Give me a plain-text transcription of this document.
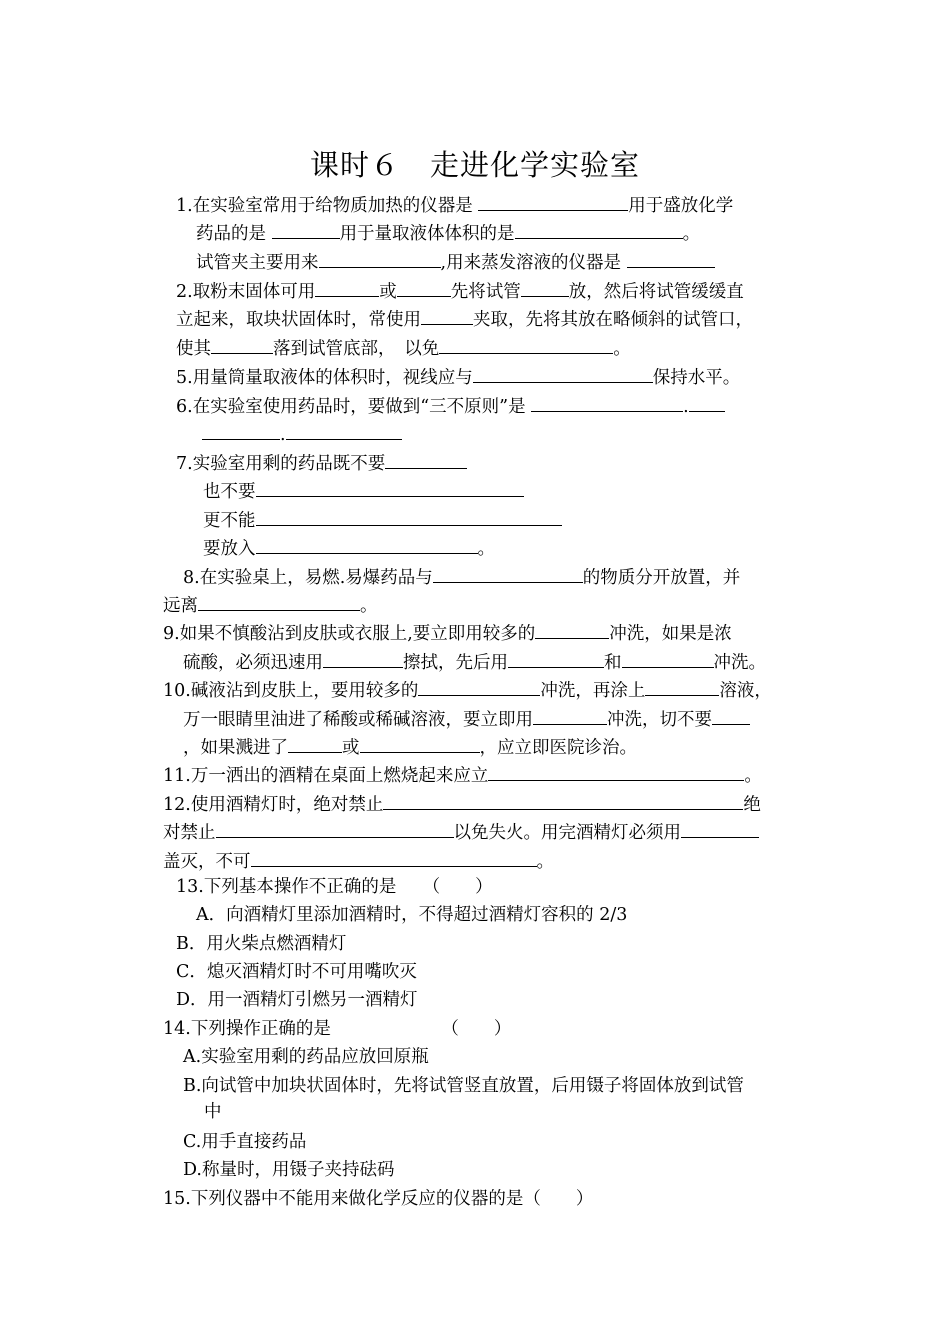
课时６　走进化学实验室
1.在实验室常用于给物质加热的仪器是	用于盛放化学
药品的是	用于量取液体体积的是	。
试管夹主要用来	,用来蒸发溶液的仪器是
2.取粉末固体可用	或	先将试管	放，然后将试管缓缓直
立起来，取块状固体时，常使用	夹取，先将其放在略倾斜的试管口，
使其	落到试管底部，　以免	。
5.用量筒量取液体的体积时，视线应与	保持水平。
6.在实验室使用药品时，要做到“三不原则”是	.
.
7.实验室用剩的药品既不要
也不要
更不能
要放入	。
8.在实验桌上，易燃.易爆药品与	的物质分开放置，并
远离	。
9.如果不慎酸沾到皮肤或衣服上,要立即用较多的	冲洗，如果是浓
硫酸，必须迅速用	擦拭，先后用	和	冲洗。
10.碱液沾到皮肤上，要用较多的	冲洗，再涂上	溶液，
万一眼睛里油进了稀酸或稀碱溶液，要立即用	冲洗，切不要
，如果溅进了	或	，应立即医院诊治。
11.万一洒出的酒精在桌面上燃烧起来应立	。
12.使用酒精灯时，绝对禁止	绝
对禁止	以免失火。用完酒精灯必须用
盖灭，不可	。
13.下列基本操作不正确的是　　（　　）
A．向酒精灯里添加酒精时，不得超过酒精灯容积的 2/3
B．用火柴点燃酒精灯
C．熄灭酒精灯时不可用嘴吹灭
D．用一酒精灯引燃另一酒精灯
14.下列操作正确的是　　　　　　 （　　）
A.实验室用剩的药品应放回原瓶
B.向试管中加块状固体时，先将试管竖直放置，后用镊子将固体放到试管
中
C.用手直接药品
D.称量时，用镊子夹持砝码
15.下列仪器中不能用来做化学反应的仪器的是（　　）
